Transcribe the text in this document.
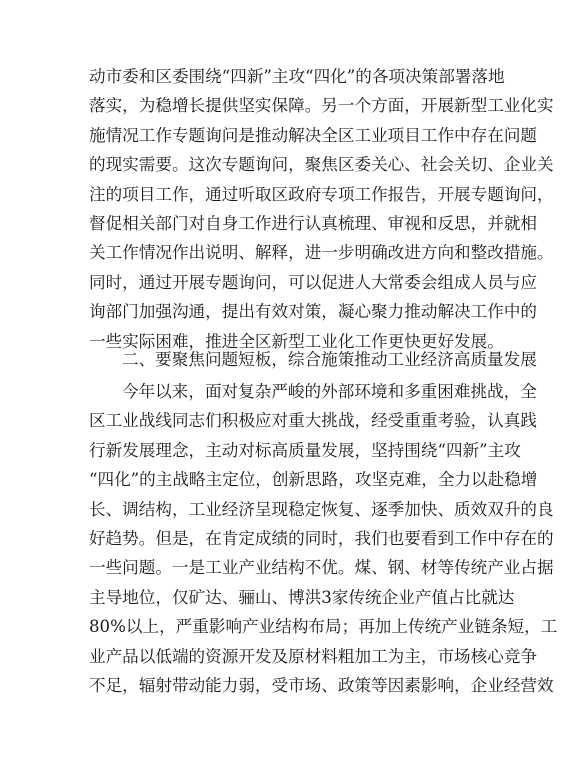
动市委和区委围绕“四新”主攻“四化”的各项决策部署落地
落实，为稳增长提供坚实保障。另一个方面，开展新型工业化实
施情况工作专题询问是推动解决全区工业项目工作中存在问题
的现实需要。这次专题询问，聚焦区委关心、社会关切、企业关
注的项目工作，通过听取区政府专项工作报告，开展专题询问，
督促相关部门对自身工作进行认真梳理、审视和反思，并就相
关工作情况作出说明、解释，进一步明确改进方向和整改措施。
同时，通过开展专题询问，可以促进人大常委会组成人员与应
询部门加强沟通，提出有效对策，凝心聚力推动解决工作中的
一些实际困难，推进全区新型工业化工作更快更好发展。
二、要聚焦问题短板，综合施策推动工业经济高质量发展
今年以来，面对复杂严峻的外部环境和多重困难挑战，全
区工业战线同志们积极应对重大挑战，经受重重考验，认真践
行新发展理念，主动对标高质量发展，坚持围绕“四新”主攻
“四化”的主战略主定位，创新思路，攻坚克难，全力以赴稳增
长、调结构，工业经济呈现稳定恢复、逐季加快、质效双升的良
好趋势。但是，在肯定成绩的同时，我们也要看到工作中存在的
一些问题。一是工业产业结构不优。煤、钢、材等传统产业占据
主导地位，仅矿达、骊山、博洪3家传统企业产值占比就达
80%以上，严重影响产业结构布局；再加上传统产业链条短，工
业产品以低端的资源开发及原材料粗加工为主，市场核心竞争
不足，辐射带动能力弱，受市场、政策等因素影响，企业经营效
